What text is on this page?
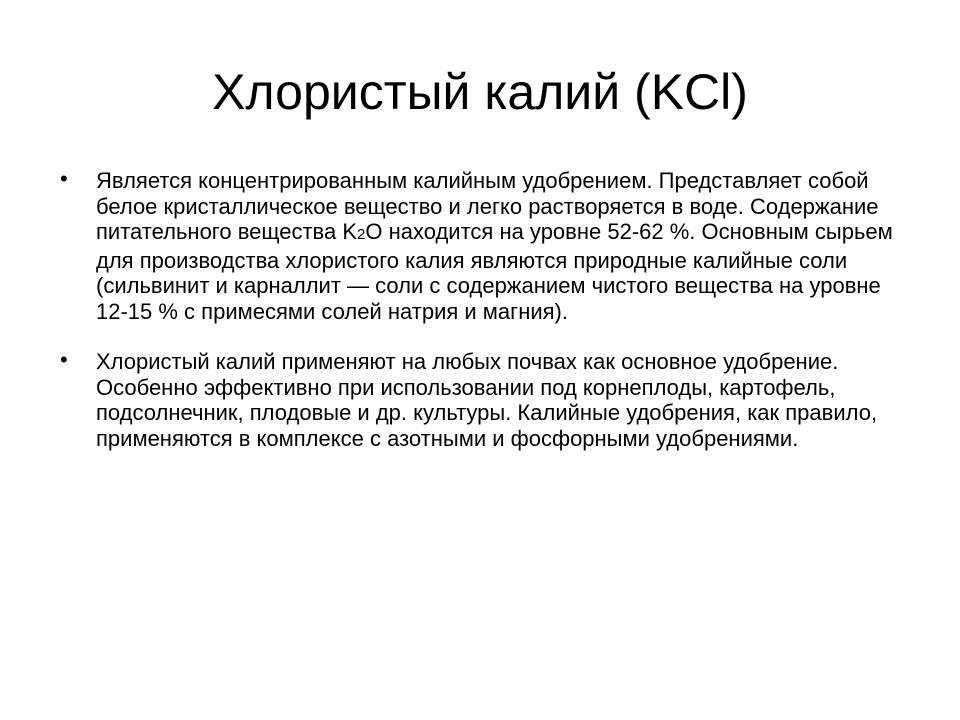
Хлористый калий (KCl)
• Является концентрированным калийным удобрением. Представляет собой белое кристаллическое вещество и легко растворяется в воде. Содержание питательного вещества K2O находится на уровне 52-62 %. Основным сырьем для производства хлористого калия являются природные калийные соли (сильвинит и карналлит — соли с содержанием чистого вещества на уровне 12-15 % с примесями солей натрия и магния).
• Хлористый калий применяют на любых почвах как основное удобрение. Особенно эффективно при использовании под корнеплоды, картофель, подсолнечник, плодовые и др. культуры. Калийные удобрения, как правило, применяются в комплексе с азотными и фосфорными удобрениями.
